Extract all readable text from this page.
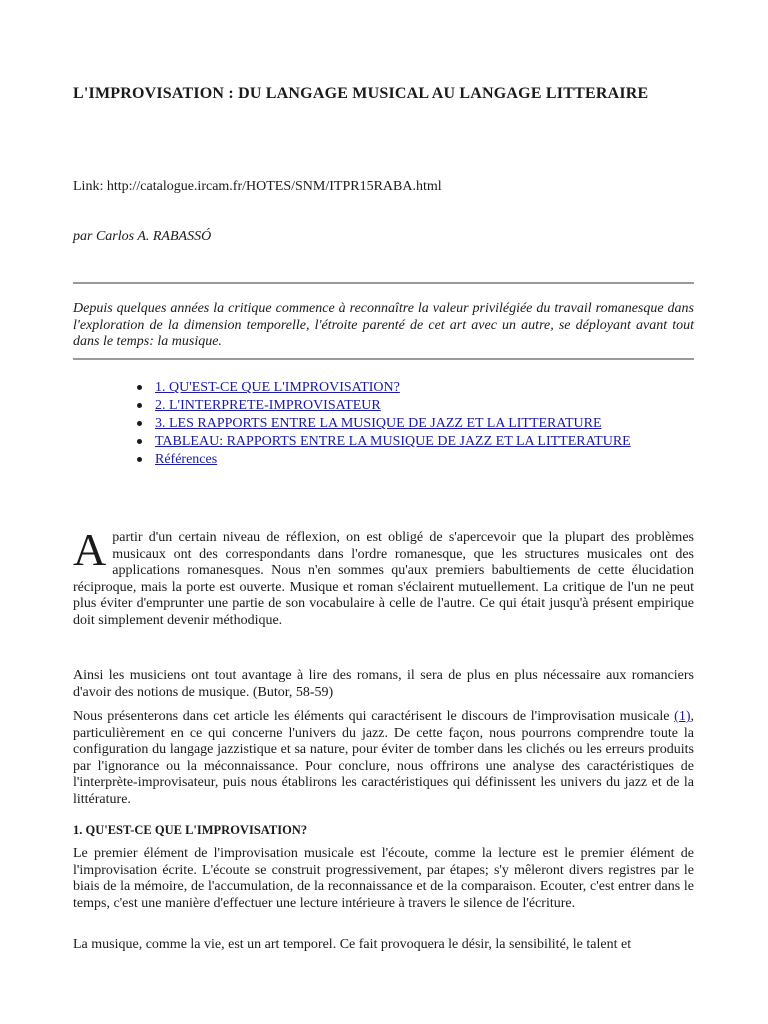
L'IMPROVISATION : DU LANGAGE MUSICAL AU LANGAGE LITTERAIRE
Link: http://catalogue.ircam.fr/HOTES/SNM/ITPR15RABA.html
par Carlos A. RABASSÓ
Depuis quelques années la critique commence à reconnaître la valeur privilégiée du travail romanesque dans l'exploration de la dimension temporelle, l'étroite parenté de cet art avec un autre, se déployant avant tout dans le temps: la musique.
1. QU'EST-CE QUE L'IMPROVISATION?
2. L'INTERPRETE-IMPROVISATEUR
3. LES RAPPORTS ENTRE LA MUSIQUE DE JAZZ ET LA LITTERATURE
TABLEAU: RAPPORTS ENTRE LA MUSIQUE DE JAZZ ET LA LITTERATURE
Références
A partir d'un certain niveau de réflexion, on est obligé de s'apercevoir que la plupart des problèmes musicaux ont des correspondants dans l'ordre romanesque, que les structures musicales ont des applications romanesques. Nous n'en sommes qu'aux premiers babultiements de cette élucidation réciproque, mais la porte est ouverte. Musique et roman s'éclairent mutuellement. La critique de l'un ne peut plus éviter d'emprunter une partie de son vocabulaire à celle de l'autre. Ce qui était jusqu'à présent empirique doit simplement devenir méthodique.
Ainsi les musiciens ont tout avantage à lire des romans, il sera de plus en plus nécessaire aux romanciers d'avoir des notions de musique. (Butor, 58-59)
Nous présenterons dans cet article les éléments qui caractérisent le discours de l'improvisation musicale (1), particulièrement en ce qui concerne l'univers du jazz. De cette façon, nous pourrons comprendre toute la configuration du langage jazzistique et sa nature, pour éviter de tomber dans les clichés ou les erreurs produits par l'ignorance ou la méconnaissance. Pour conclure, nous offrirons une analyse des caractéristiques de l'interprète-improvisateur, puis nous établirons les caractéristiques qui définissent les univers du jazz et de la littérature.
1. QU'EST-CE QUE L'IMPROVISATION?
Le premier élément de l'improvisation musicale est l'écoute, comme la lecture est le premier élément de l'improvisation écrite. L'écoute se construit progressivement, par étapes; s'y mêleront divers registres par le biais de la mémoire, de l'accumulation, de la reconnaissance et de la comparaison. Ecouter, c'est entrer dans le temps, c'est une manière d'effectuer une lecture intérieure à travers le silence de l'écriture.
La musique, comme la vie, est un art temporel. Ce fait provoquera le désir, la sensibilité, le talent et
